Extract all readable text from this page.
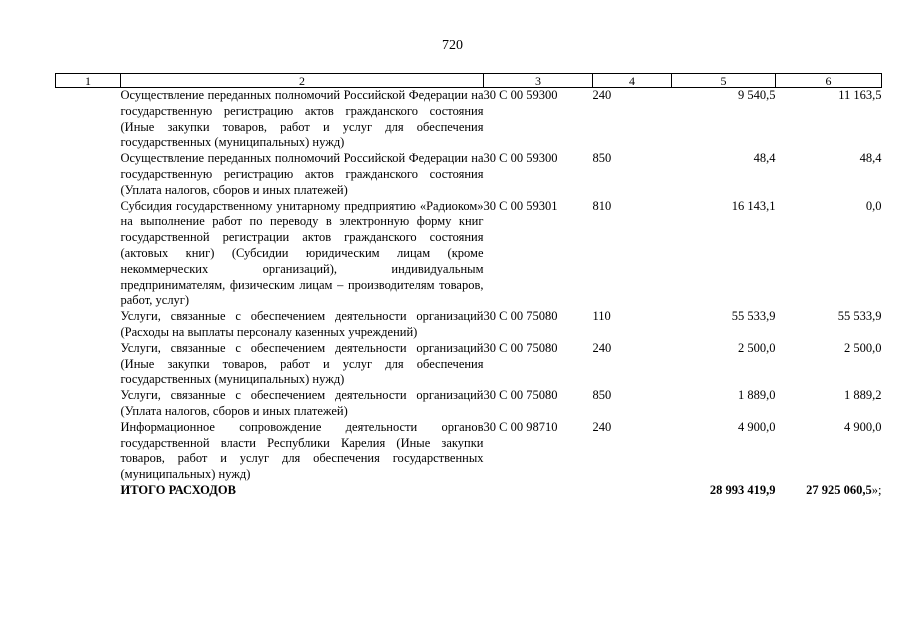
720
1	2	3	4	5	6
	Осуществление переданных полномочий Российской Федерации на государственную регистрацию актов гражданского состояния (Иные закупки товаров, работ и услуг для обеспечения государственных (муниципальных) нужд)	30 С 00 59300	240	9 540,5	11 163,5
	Осуществление переданных полномочий Российской Федерации на государственную регистрацию актов гражданского состояния (Уплата налогов, сборов и иных платежей)	30 С 00 59300	850	48,4	48,4
	Субсидия государственному унитарному предприятию «Радиоком» на выполнение работ по переводу в электронную форму книг государственной регистрации актов гражданского состояния (актовых книг) (Субсидии юридическим лицам (кроме некоммерческих организаций), индивидуальным предпринимателям, физическим лицам – производителям товаров, работ, услуг)	30 С 00 59301	810	16 143,1	0,0
	Услуги, связанные с обеспечением деятельности организаций (Расходы на выплаты персоналу казенных учреждений)	30 С 00 75080	110	55 533,9	55 533,9
	Услуги, связанные с обеспечением деятельности организаций (Иные закупки товаров, работ и услуг для обеспечения государственных (муниципальных) нужд)	30 С 00 75080	240	2 500,0	2 500,0
	Услуги, связанные с обеспечением деятельности организаций (Уплата налогов, сборов и иных платежей)	30 С 00 75080	850	1 889,0	1 889,2
	Информационное сопровождение деятельности органов государственной власти Республики Карелия (Иные закупки товаров, работ и услуг для обеспечения государственных (муниципальных) нужд)	30 С 00 98710	240	4 900,0	4 900,0
	ИТОГО РАСХОДОВ			28 993 419,9	27 925 060,5»;
